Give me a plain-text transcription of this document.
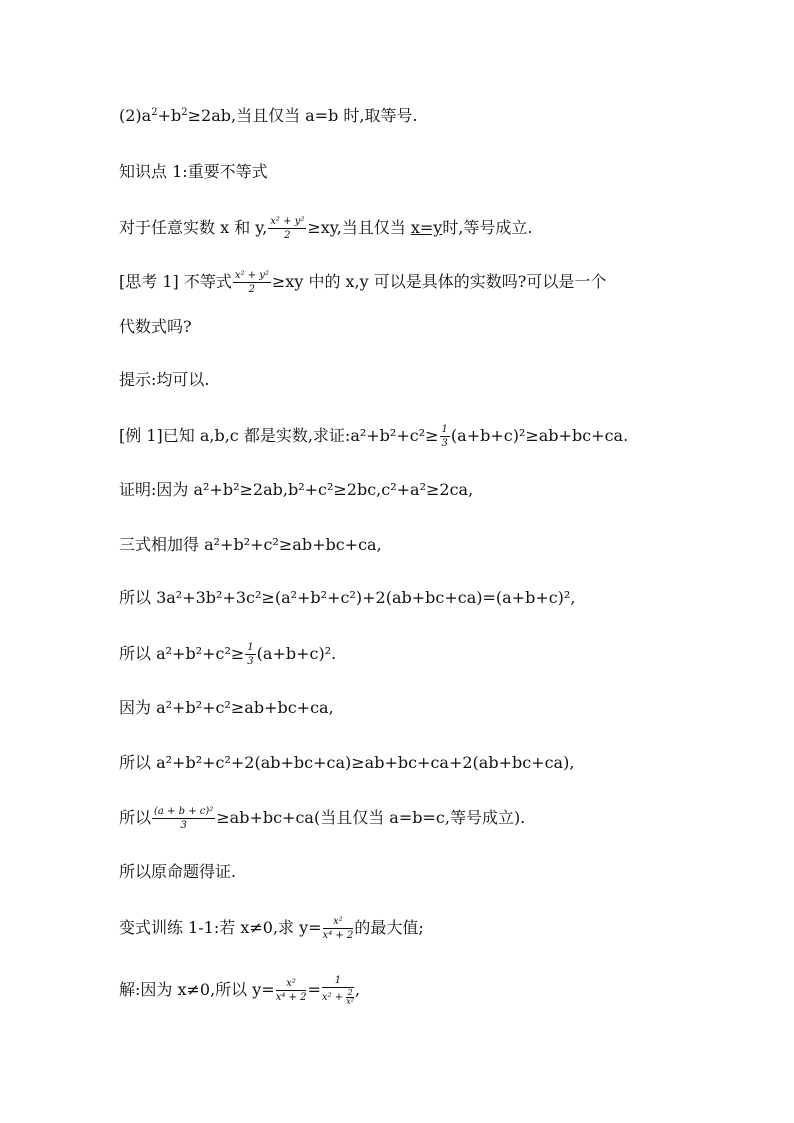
$(2)a^2+b^2\ge 2ab$,当且仅当 a=b 时,取等号.
知识点 1:重要不等式
对于任意实数 x 和 y, $\frac{\text{x² + y²}}{2} \ge xy$,当且仅当 x=y时,等号成立.
[思考 1] 不等式 $\frac{\text{x² + y²}}{2} \ge xy$ 中的 x,y 可以是具体的实数吗?可以是一个
代数式吗?
提示:均可以.
[例 1]已知 a,b,c 都是实数,求证:a²+b²+c²≥ $\frac{1}{3} (a+b+c)^2\ge ab+bc+ca$.
证明:因为 a²+b²≥2ab,b²+c²≥2bc,c²+a²≥2ca,
三式相加得 a²+b²+c²≥ab+bc+ca,
所以 3a²+3b²+3c²≥(a²+b²+c²)+2(ab+bc+ca)=(a+b+c)²,
所以 $a^2+b^2+c^2\ge \frac{1}{3} (a+b+c)^2$.
因为 a²+b²+c²≥ab+bc+ca,
所以 a²+b²+c²+2(ab+bc+ca)≥ab+bc+ca+2(ab+bc+ca),
所以 $\frac{\text{(a + b + c)²}}{3} \ge ab+bc+ca$(当且仅当 a=b=c,等号成立).
所以原命题得证.
变式训练 1-1:若 x≠0,求 $y= \frac{\text{x²}}{\text{x⁴ + 2}}$ 的最大值;
解:因为 x≠0,所以 $y= \frac{\text{x²}}{\text{x⁴ + 2}} = \frac{1}{x^2 + \frac{2}{\text{x²}}}$ ,
